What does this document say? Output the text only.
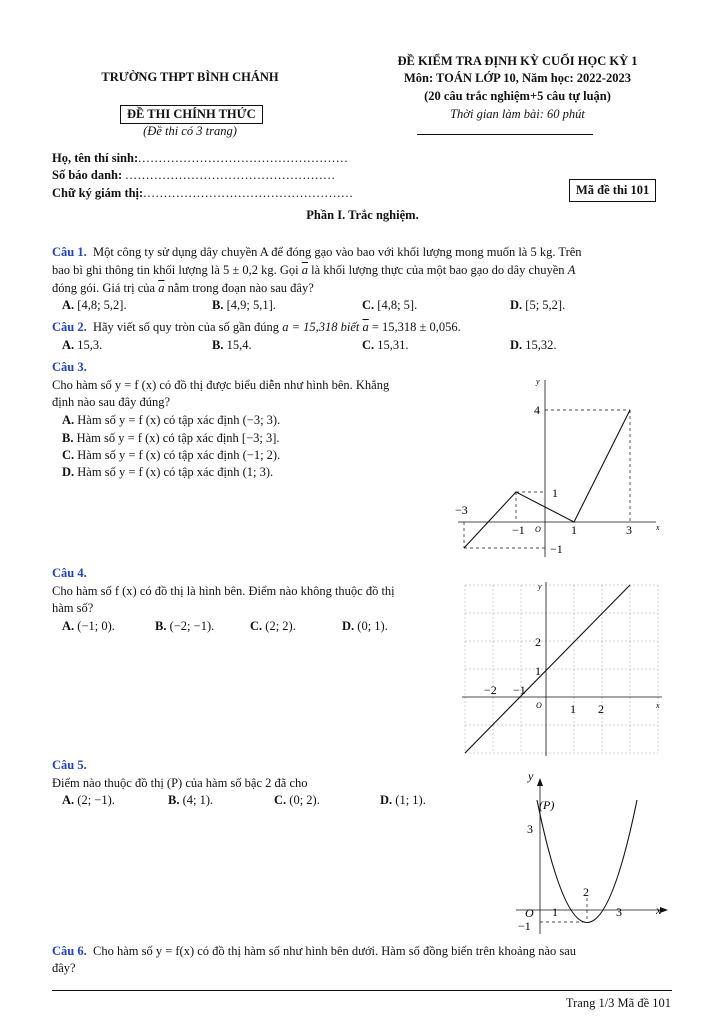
TRƯỜNG THPT BÌNH CHÁNH
ĐỀ THI CHÍNH THỨC
(Đề thi có 3 trang)
ĐỀ KIỂM TRA ĐỊNH KỲ CUỐI HỌC KỲ 1
Môn: TOÁN LỚP 10, Năm học: 2022-2023
(20 câu trắc nghiệm+5 câu tự luận)
Thời gian làm bài: 60 phút
Họ, tên thí sinh:...................................................
Số báo danh: ...................................................
Chữ ký giám thị:...................................................	Mã đề thi 101
Phần I. Trắc nghiệm.
Câu 1. Một công ty sử dụng dây chuyền A để đóng gạo vào bao với khối lượng mong muốn là 5 kg. Trên
bao bì ghi thông tin khối lượng là 5 ± 0,2 kg. Gọi $\overline{a}$ là khối lượng thực của một bao gạo do dây chuyền A
đóng gói. Giá trị của $\overline{a}$ nằm trong đoạn nào sau đây?
A. [4,8; 5,2].	B. [4,9; 5,1].	C. [4,8; 5].	D. [5; 5,2].
Câu 2. Hãy viết số quy tròn của số gần đúng a = 15,318 biết $\overline{a} = 15,318 \pm 0,056$.
A. 15,3.	B. 15,4.	C. 15,31.	D. 15,32.
Câu 3.
Cho hàm số y = f (x) có đồ thị được biểu diễn như hình bên. Khẳng
định nào sau đây đúng?
A. Hàm số y = f (x) có tập xác định (−3; 3).
B. Hàm số y = f (x) có tập xác định [−3; 3].
C. Hàm số y = f (x) có tập xác định (−1; 2).
D. Hàm số y = f (x) có tập xác định (1; 3).
y
x
O
4
1
−3
−1	1	3
−1
Câu 4.
Cho hàm số f (x) có đồ thị là hình bên. Điểm nào không thuộc đồ thị
hàm số?
A. (−1; 0).	B. (−2; −1).	C. (2; 2).	D. (0; 1).
y
x
O
2
1
−2 −1
1 2
Câu 5.
Điểm nào thuộc đồ thị (P) của hàm số bậc 2 đã cho
A. (2; −1).	B. (4; 1).	C. (0; 2).	D. (1; 1).
y
x
O
(P)
3
2
1	3
−1
Câu 6. Cho hàm số y = f(x) có đồ thị hàm số như hình bên dưới. Hàm số đồng biến trên khoảng nào sau
đây?
Trang 1/3 Mã đề 101
